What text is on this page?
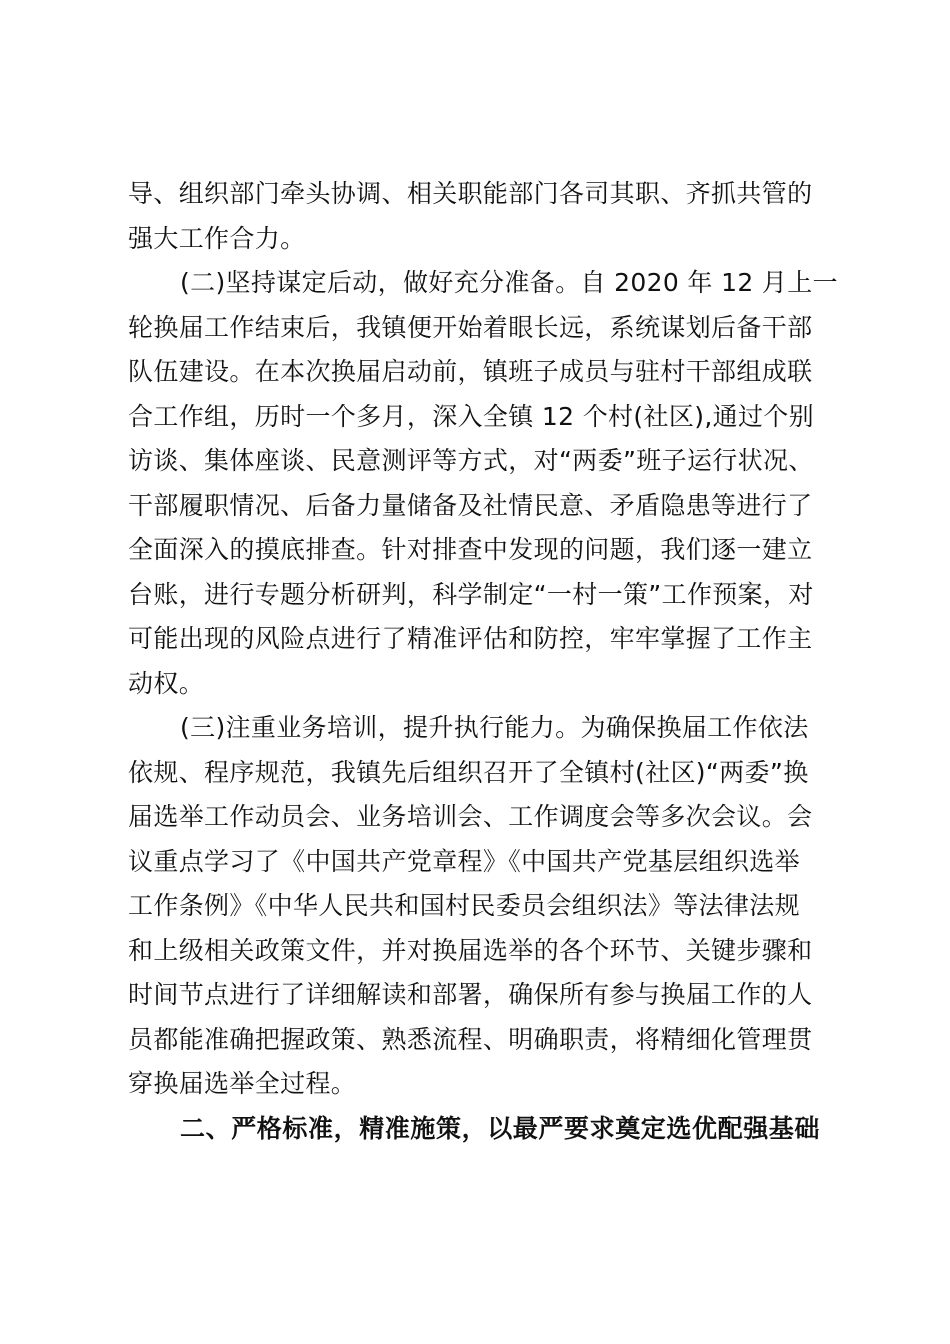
导、组织部门牵头协调、相关职能部门各司其职、齐抓共管的
强大工作合力。
(二)坚持谋定后动，做好充分准备。自 2020 年 12 月上一
轮换届工作结束后，我镇便开始着眼长远，系统谋划后备干部
队伍建设。在本次换届启动前，镇班子成员与驻村干部组成联
合工作组，历时一个多月，深入全镇 12 个村(社区),通过个别
访谈、集体座谈、民意测评等方式，对“两委”班子运行状况、
干部履职情况、后备力量储备及社情民意、矛盾隐患等进行了
全面深入的摸底排查。针对排查中发现的问题，我们逐一建立
台账，进行专题分析研判，科学制定“一村一策”工作预案，对
可能出现的风险点进行了精准评估和防控，牢牢掌握了工作主
动权。
(三)注重业务培训，提升执行能力。为确保换届工作依法
依规、程序规范，我镇先后组织召开了全镇村(社区)“两委”换
届选举工作动员会、业务培训会、工作调度会等多次会议。会
议重点学习了《中国共产党章程》《中国共产党基层组织选举
工作条例》《中华人民共和国村民委员会组织法》等法律法规
和上级相关政策文件，并对换届选举的各个环节、关键步骤和
时间节点进行了详细解读和部署，确保所有参与换届工作的人
员都能准确把握政策、熟悉流程、明确职责，将精细化管理贯
穿换届选举全过程。
二、严格标准，精准施策，以最严要求奠定选优配强基础
